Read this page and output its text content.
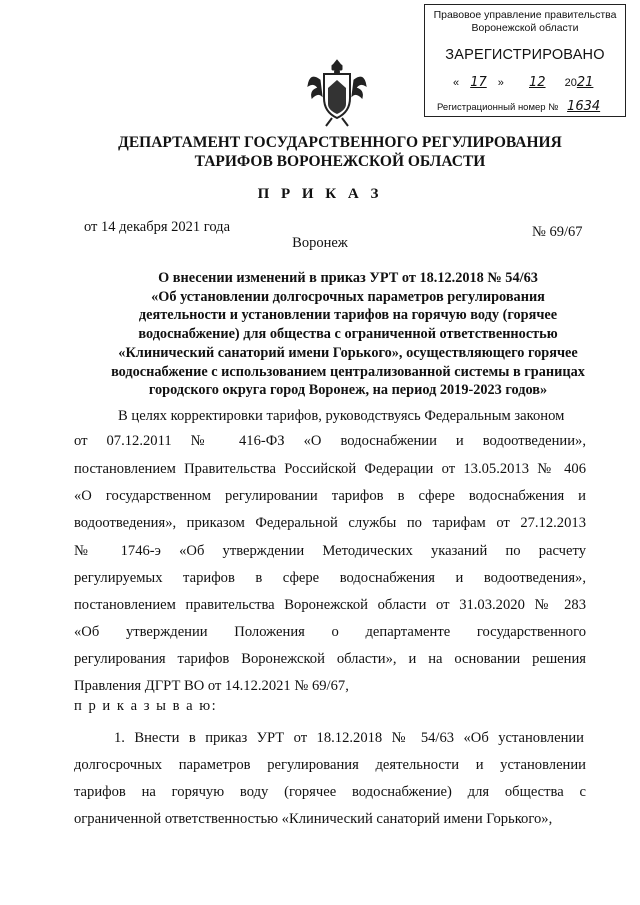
Правовое управление правительства
Воронежской области
ЗАРЕГИСТРИРОВАНО
« 17 » 12 2021
Регистрационный номер № 1634
ДЕПАРТАМЕНТ ГОСУДАРСТВЕННОГО РЕГУЛИРОВАНИЯ
ТАРИФОВ ВОРОНЕЖСКОЙ ОБЛАСТИ
П Р И К А З
от 14 декабря 2021 года	№ 69/67
Воронеж
О внесении изменений в приказ УРТ от 18.12.2018 № 54/63
«Об установлении долгосрочных параметров регулирования
деятельности и установлении тарифов на горячую воду (горячее
водоснабжение) для общества с ограниченной ответственностью
«Клинический санаторий имени Горького», осуществляющего горячее
водоснабжение с использованием централизованной системы в границах
городского округа город Воронеж, на период 2019-2023 годов»
В целях корректировки тарифов, руководствуясь Федеральным законом
от 07.12.2011 № 416-ФЗ «О водоснабжении и водоотведении»,
постановлением Правительства Российской Федерации от 13.05.2013 № 406
«О государственном регулировании тарифов в сфере водоснабжения и
водоотведения», приказом Федеральной службы по тарифам от 27.12.2013
№ 1746-э «Об утверждении Методических указаний по расчету
регулируемых тарифов в сфере водоснабжения и водоотведения»,
постановлением правительства Воронежской области от 31.03.2020 № 283
«Об утверждении Положения о департаменте государственного
регулирования тарифов Воронежской области», и на основании решения
Правления ДГРТ ВО от 14.12.2021 № 69/67,
п р и к а з ы в а ю:
1. Внести в приказ УРТ от 18.12.2018 № 54/63 «Об установлении
долгосрочных параметров регулирования деятельности и установлении
тарифов на горячую воду (горячее водоснабжение) для общества с
ограниченной ответственностью «Клинический санаторий имени Горького»,
